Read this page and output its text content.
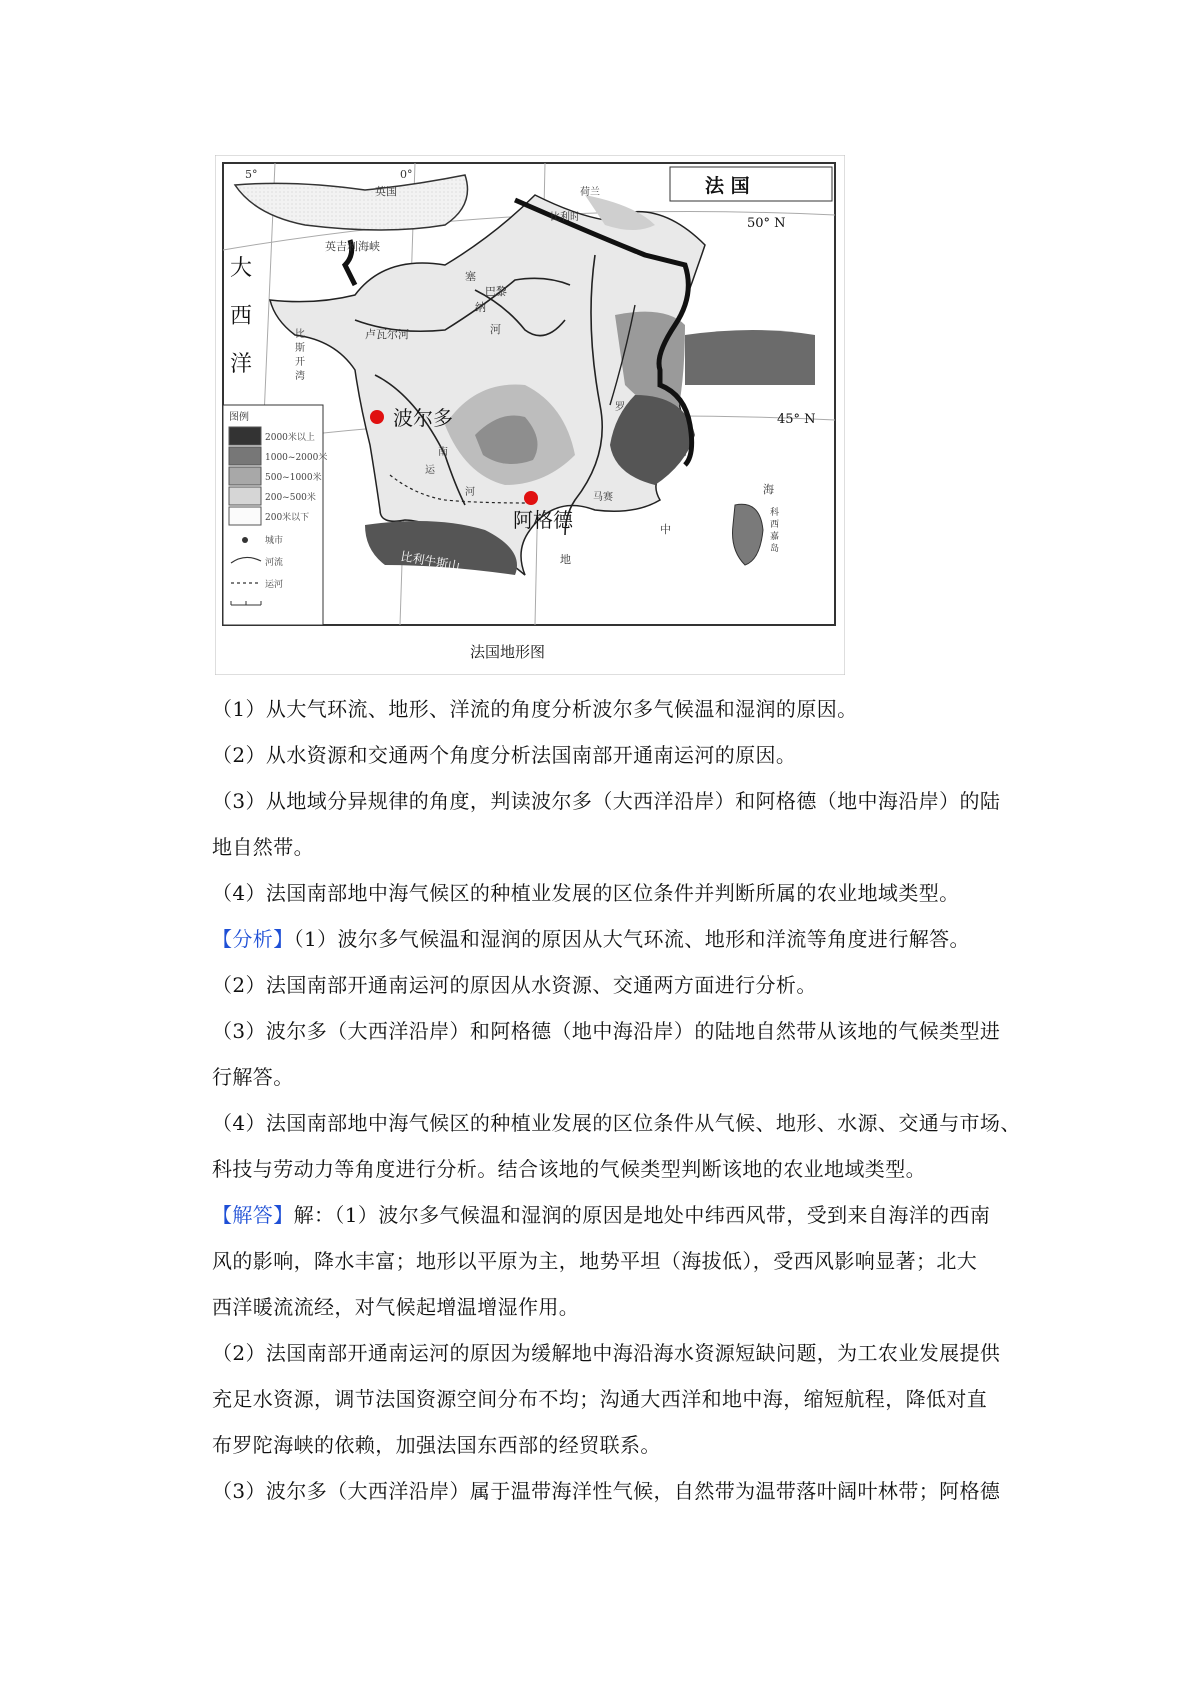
5°	0°
英国
英吉利海峡
荷兰
比利时
法 国
50° N
45° N
巴黎
塞
纳
河
卢瓦尔河
大
西
洋
比
斯
开
湾
南
运
河
罗
马赛
海
中
地
科
西
嘉
岛
比利牛斯山
波尔多
阿格德
图例
2000米以上
1000~2000米
500~1000米
200~500米
200米以下
城市
河流
运河
法国地形图
（1）从大气环流、地形、洋流的角度分析波尔多气候温和湿润的原因。
（2）从水资源和交通两个角度分析法国南部开通南运河的原因。
（3）从地域分异规律的角度，判读波尔多（大西洋沿岸）和阿格德（地中海沿岸）的陆
地自然带。
（4）法国南部地中海气候区的种植业发展的区位条件并判断所属的农业地域类型。
【分析】（1）波尔多气候温和湿润的原因从大气环流、地形和洋流等角度进行解答。
（2）法国南部开通南运河的原因从水资源、交通两方面进行分析。
（3）波尔多（大西洋沿岸）和阿格德（地中海沿岸）的陆地自然带从该地的气候类型进
行解答。
（4）法国南部地中海气候区的种植业发展的区位条件从气候、地形、水源、交通与市场、
科技与劳动力等角度进行分析。结合该地的气候类型判断该地的农业地域类型。
【解答】解：（1）波尔多气候温和湿润的原因是地处中纬西风带，受到来自海洋的西南
风的影响，降水丰富；地形以平原为主，地势平坦（海拔低），受西风影响显著；北大
西洋暖流流经，对气候起增温增湿作用。
（2）法国南部开通南运河的原因为缓解地中海沿海水资源短缺问题，为工农业发展提供
充足水资源，调节法国资源空间分布不均；沟通大西洋和地中海，缩短航程，降低对直
布罗陀海峡的依赖，加强法国东西部的经贸联系。
（3）波尔多（大西洋沿岸）属于温带海洋性气候，自然带为温带落叶阔叶林带；阿格德
